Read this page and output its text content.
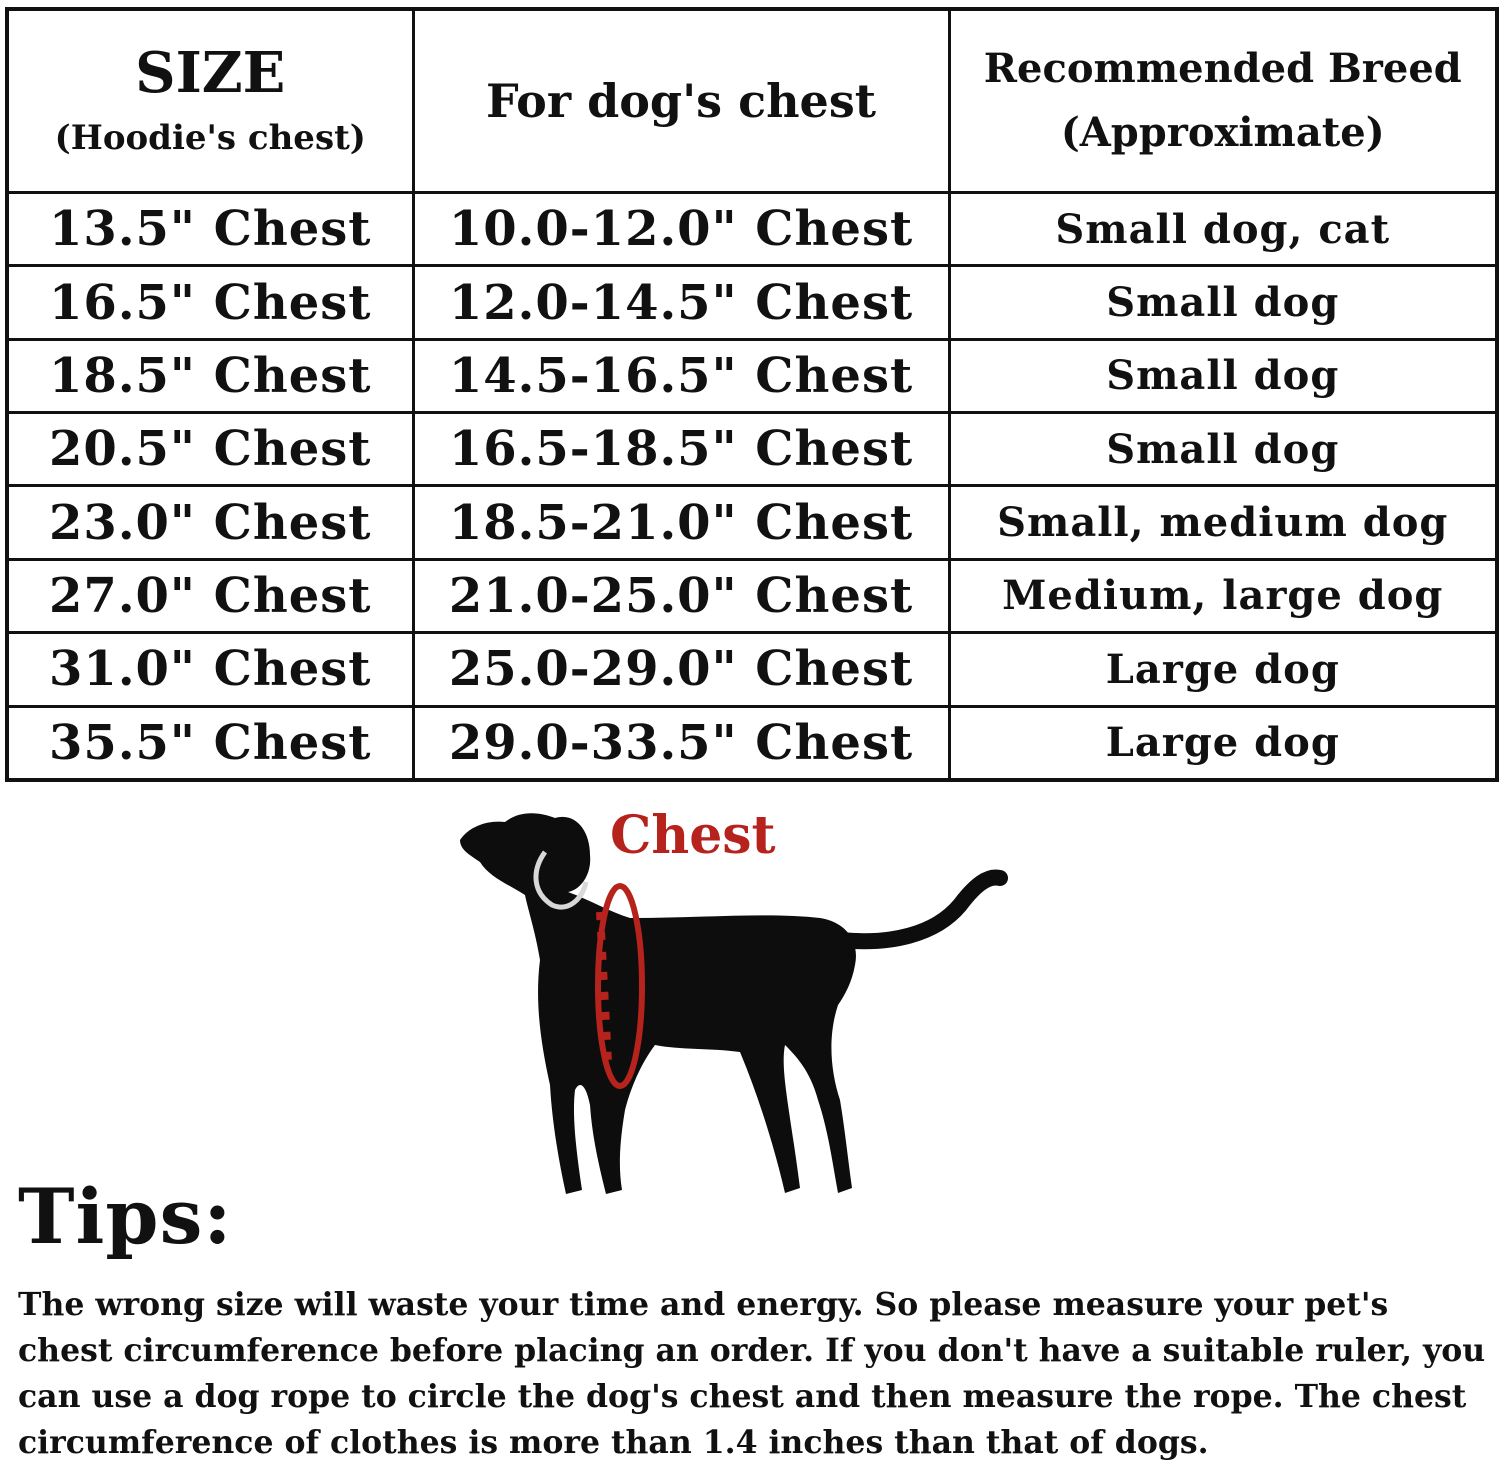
SIZE
(Hoodie's chest)	For dog's chest	Recommended Breed
(Approximate)

13.5" Chest	10.0-12.0" Chest	Small dog, cat
16.5" Chest	12.0-14.5" Chest	Small dog
18.5" Chest	14.5-16.5" Chest	Small dog
20.5" Chest	16.5-18.5" Chest	Small dog
23.0" Chest	18.5-21.0" Chest	Small, medium dog
27.0" Chest	21.0-25.0" Chest	Medium, large dog
31.0" Chest	25.0-29.0" Chest	Large dog
35.5" Chest	29.0-33.5" Chest	Large dog
Chest
Tips:

The wrong size will waste your time and energy. So please measure your pet's chest circumference before placing an order. If you don't have a suitable ruler, you can use a dog rope to circle the dog's chest and then measure the rope. The chest circumference of clothes is more than 1.4 inches than that of dogs.
